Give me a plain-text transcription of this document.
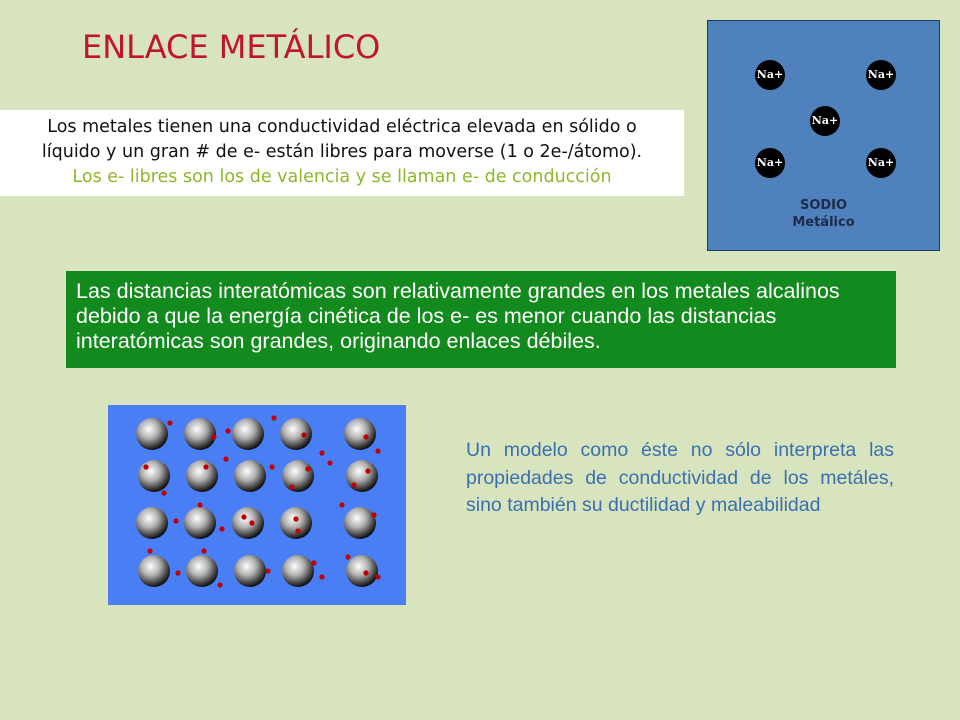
ENLACE METÁLICO
Los metales tienen una conductividad eléctrica elevada en sólido o
líquido y un gran # de e- están libres para moverse (1 o 2e-/átomo).
Los e- libres son los de valencia y se llaman e- de conducción
Na+	Na+
Na+
Na+	Na+
SODIO
Metálico
Las distancias interatómicas son relativamente grandes en los metales alcalinos debido a que la energía cinética de los e- es menor cuando las distancias interatómicas son grandes, originando enlaces débiles.
Un modelo como éste no sólo interpreta las propiedades de conductividad de los metáles, sino también su ductilidad y maleabilidad
